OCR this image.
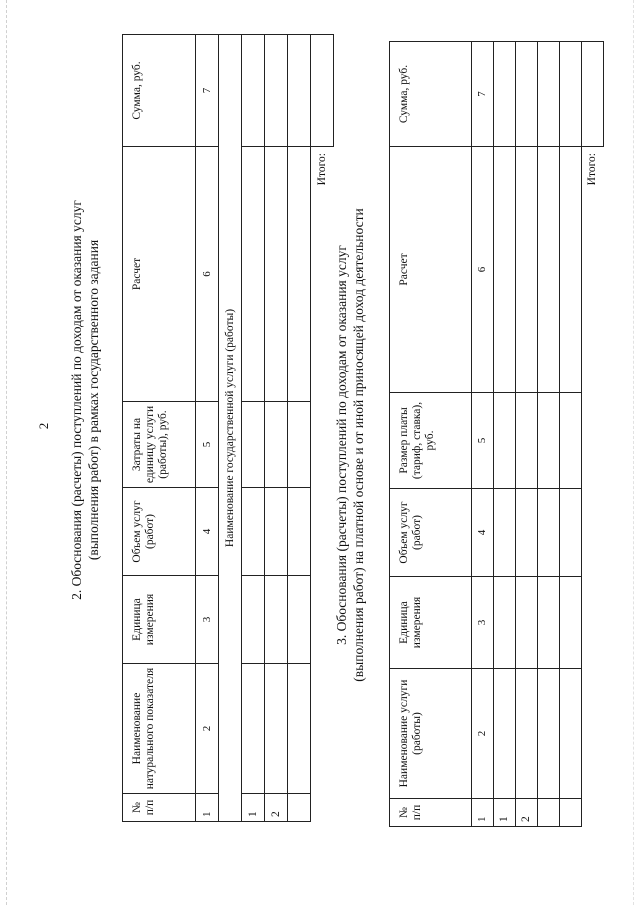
2 2. Обоснования (расчеты) поступлений по доходам от оказания услуг (выполнения работ) в рамках государственного задания
№ п/п	Наименование натурального показателя	Единица измерения	Объем услуг (работ)	Затраты на единицу услуги (работы), руб.	Расчет	Сумма, руб.
1	2	3	4	5	6	7
Наименование государственной услуги (работы)						
1						
2						

					Итого:	
3. Обоснования (расчеты) поступлений по доходам от оказания услуг (выполнения работ) на платной основе и от иной приносящей доход деятельности
№ п/п	Наименование услуги (работы)	Единица измерения	Объем услуг (работ)	Размер платы (тариф, ставка), руб.	Расчет	Сумма, руб.
1	2	3	4	5	6	7
1						
2						

					Итого:	
